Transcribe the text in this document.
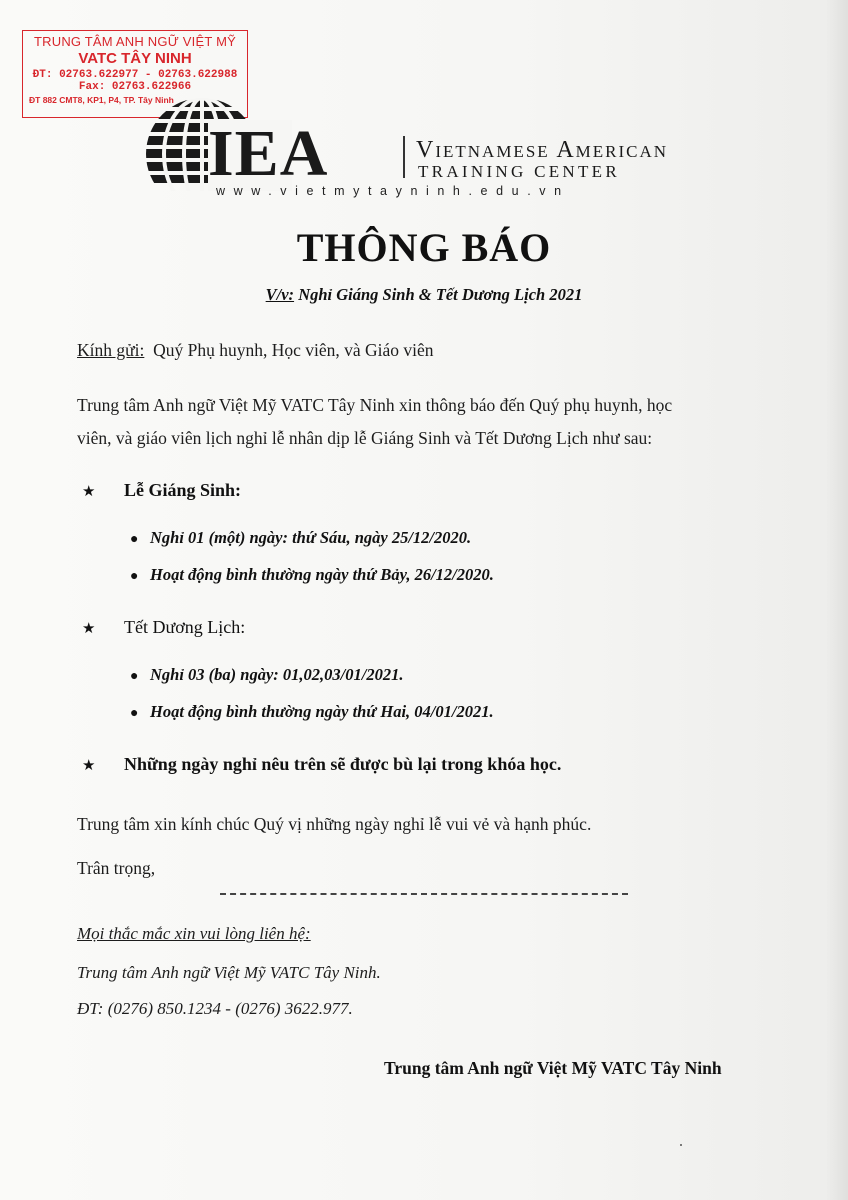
TRUNG TÂM ANH NGỮ VIỆT MỸ
VATC TÂY NINH
ĐT: 02763.622977 - 02763.622988
Fax: 02763.622966
ĐT 882 CMT8, KP1, P4, TP. Tây Ninh
IEA	Vietnamese American
TRAINING CENTER
www.vietmytayninh.edu.vn
THÔNG BÁO
V/v: Nghỉ Giáng Sinh & Tết Dương Lịch 2021
Kính gửi: Quý Phụ huynh, Học viên, và Giáo viên
Trung tâm Anh ngữ Việt Mỹ VATC Tây Ninh xin thông báo đến Quý phụ huynh, học
viên, và giáo viên lịch nghỉ lễ nhân dịp lễ Giáng Sinh và Tết Dương Lịch như sau:
★ Lễ Giáng Sinh:
● Nghỉ 01 (một) ngày: thứ Sáu, ngày 25/12/2020.
● Hoạt động bình thường ngày thứ Bảy, 26/12/2020.
★ Tết Dương Lịch:
● Nghỉ 03 (ba) ngày: 01,02,03/01/2021.
● Hoạt động bình thường ngày thứ Hai, 04/01/2021.
★ Những ngày nghỉ nêu trên sẽ được bù lại trong khóa học.
Trung tâm xin kính chúc Quý vị những ngày nghỉ lễ vui vẻ và hạnh phúc.
Trân trọng,
Mọi thắc mắc xin vui lòng liên hệ:
Trung tâm Anh ngữ Việt Mỹ VATC Tây Ninh.
ĐT: (0276) 850.1234 - (0276) 3622.977.
Trung tâm Anh ngữ Việt Mỹ VATC Tây Ninh
